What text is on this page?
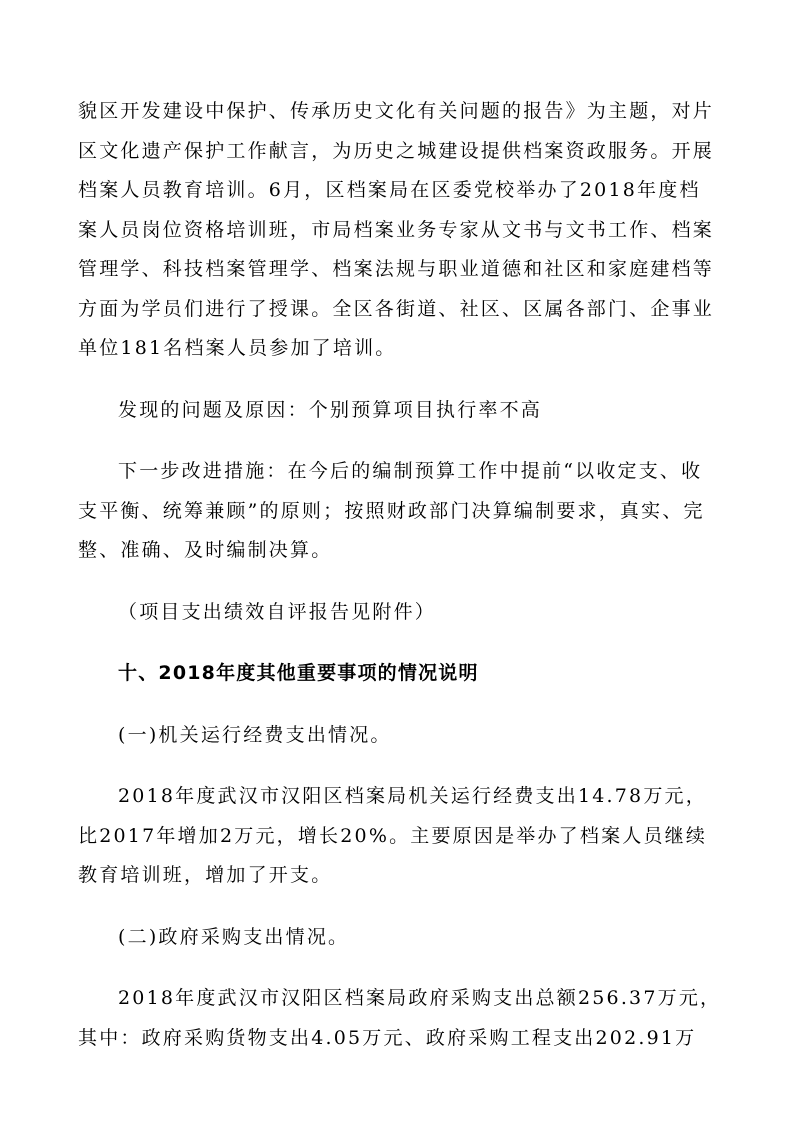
貌区开发建设中保护、传承历史文化有关问题的报告》为主题，对片
区文化遗产保护工作献言，为历史之城建设提供档案资政服务。开展
档案人员教育培训。6月，区档案局在区委党校举办了2018年度档
案人员岗位资格培训班，市局档案业务专家从文书与文书工作、档案
管理学、科技档案管理学、档案法规与职业道德和社区和家庭建档等
方面为学员们进行了授课。全区各街道、社区、区属各部门、企事业
单位181名档案人员参加了培训。

发现的问题及原因：个别预算项目执行率不高

下一步改进措施：在今后的编制预算工作中提前“以收定支、收
支平衡、统筹兼顾”的原则；按照财政部门决算编制要求，真实、完
整、准确、及时编制决算。

（项目支出绩效自评报告见附件）

十、2018年度其他重要事项的情况说明

(一)机关运行经费支出情况。

2018年度武汉市汉阳区档案局机关运行经费支出14.78万元，
比2017年增加2万元，增长20%。主要原因是举办了档案人员继续
教育培训班，增加了开支。

(二)政府采购支出情况。

2018年度武汉市汉阳区档案局政府采购支出总额256.37万元，
其中：政府采购货物支出4.05万元、政府采购工程支出202.91万
